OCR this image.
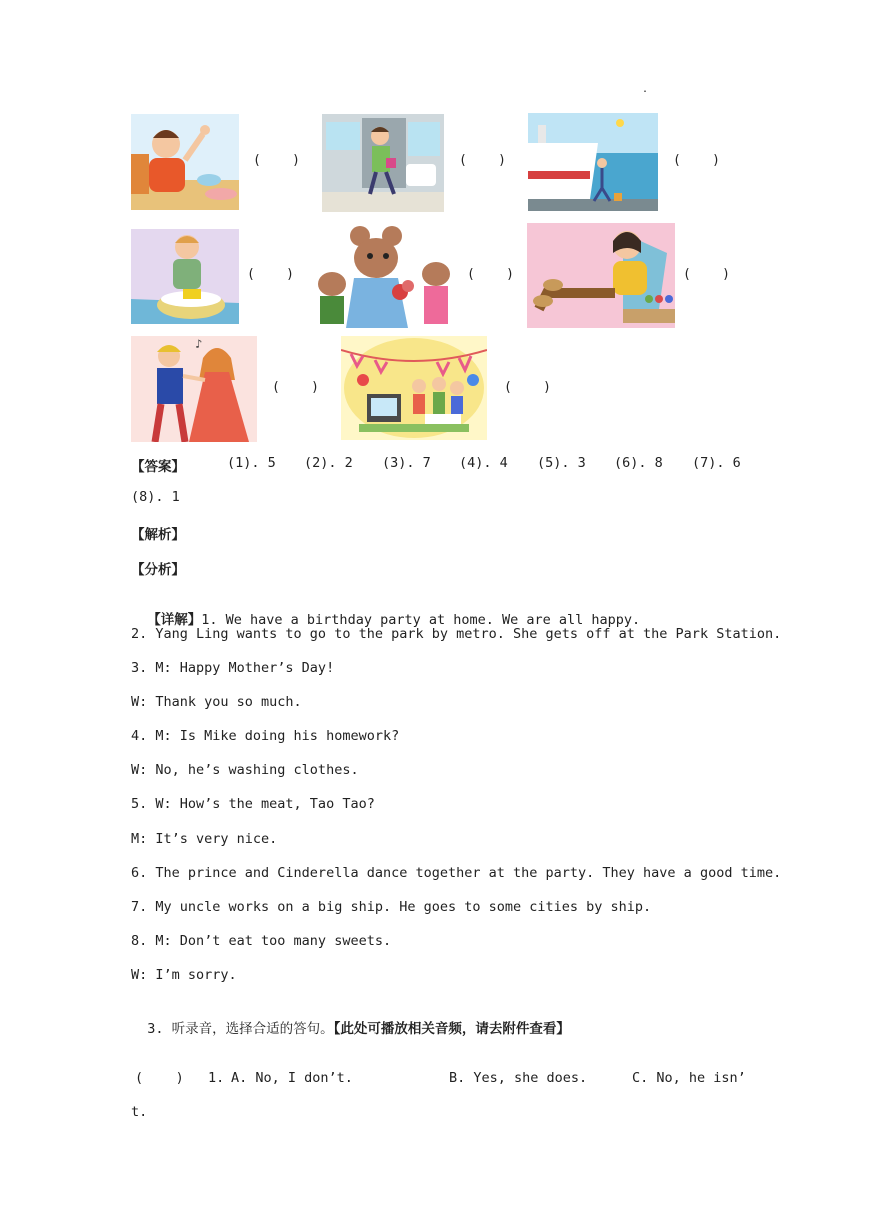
.
(    )	(    )	(    )
(    )	(    )	(    )
♪
(    )	(    )
【答案】	(1). 5 (2). 2 (3). 7 (4). 4 (5). 3 (6). 8 (7). 6
(8). 1
【解析】
【分析】

【详解】1. We have a birthday party at home. We are all happy.

2. Yang Ling wants to go to the park by metro. She gets off at the Park Station.
3. M: Happy Mother’s Day!
W: Thank you so much.
4. M: Is Mike doing his homework?
W: No, he’s washing clothes.
5. W: How’s the meat, Tao Tao?
M: It’s very nice.
6. The prince and Cinderella dance together at the party. They have a good time.
7. My uncle works on a big ship. He goes to some cities by ship.
8. M: Don’t eat too many sweets.
W: I’m sorry.

3. 听录音，选择合适的答句。【此处可播放相关音频，请去附件查看】

(    ) 1. A. No, I don’t.	B. Yes, she does.	C. No, he isn’
t.
